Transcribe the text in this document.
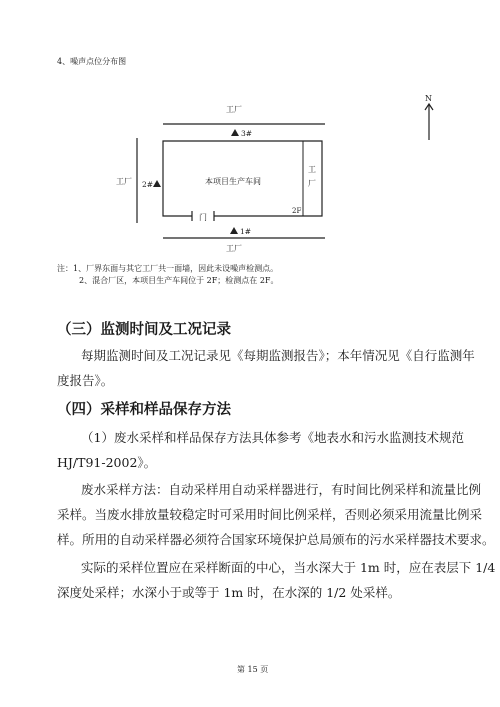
4、噪声点位分布图
N
工厂
工厂
门
工
厂
本项目生产车间
2F
工厂
3#
2#
1#
注：1、厂界东面与其它工厂共一面墙，因此未设噪声检测点。
2、混合厂区，本项目生产车间位于 2F；检测点在 2F。
（三）监测时间及工况记录
每期监测时间及工况记录见《每期监测报告》；本年情况见《自行监测年
度报告》。
（四）采样和样品保存方法
（1）废水采样和样品保存方法具体参考《地表水和污水监测技术规范
HJ/T91-2002》。
废水采样方法：自动采样用自动采样器进行，有时间比例采样和流量比例
采样。当废水排放量较稳定时可采用时间比例采样，否则必须采用流量比例采
样。所用的自动采样器必须符合国家环境保护总局颁布的污水采样器技术要求。
实际的采样位置应在采样断面的中心，当水深大于 1m 时，应在表层下 1/4
深度处采样；水深小于或等于 1m 时，在水深的 1/2 处采样。
第 15 页
